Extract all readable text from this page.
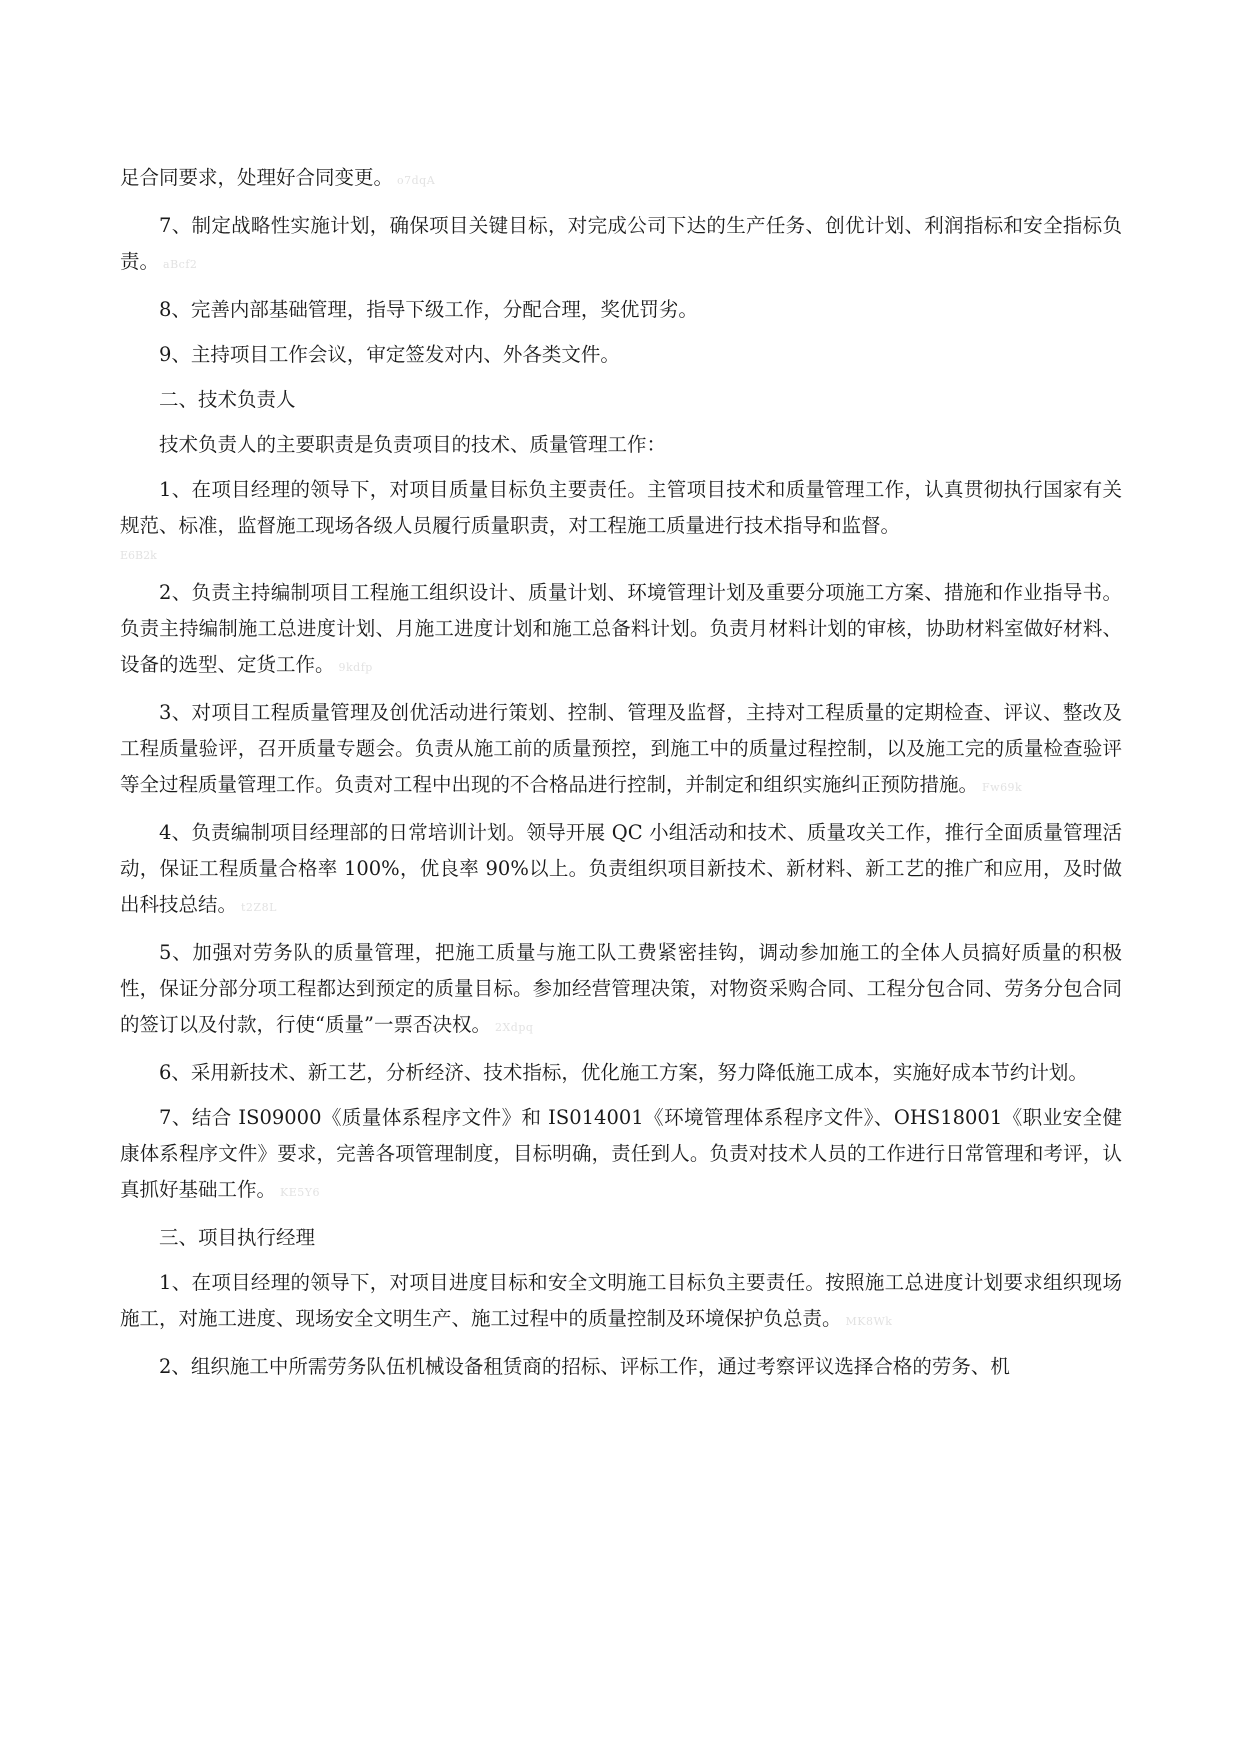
足合同要求，处理好合同变更。 o7dqA

7、制定战略性实施计划，确保项目关键目标，对完成公司下达的生产任务、创优计划、利润指标和安全指标负责。 aBcf2

8、完善内部基础管理，指导下级工作，分配合理，奖优罚劣。

9、主持项目工作会议，审定签发对内、外各类文件。

二、技术负责人

技术负责人的主要职责是负责项目的技术、质量管理工作：

1、在项目经理的领导下，对项目质量目标负主要责任。主管项目技术和质量管理工作，认真贯彻执行国家有关规范、标准，监督施工现场各级人员履行质量职责，对工程施工质量进行技术指导和监督。
E6B2k

2、负责主持编制项目工程施工组织设计、质量计划、环境管理计划及重要分项施工方案、措施和作业指导书。负责主持编制施工总进度计划、月施工进度计划和施工总备料计划。负责月材料计划的审核，协助材料室做好材料、设备的选型、定货工作。 9kdfp

3、对项目工程质量管理及创优活动进行策划、控制、管理及监督，主持对工程质量的定期检查、评议、整改及工程质量验评，召开质量专题会。负责从施工前的质量预控，到施工中的质量过程控制，以及施工完的质量检查验评等全过程质量管理工作。负责对工程中出现的不合格品进行控制，并制定和组织实施纠正预防措施。 Fw69k

4、负责编制项目经理部的日常培训计划。领导开展 QC 小组活动和技术、质量攻关工作，推行全面质量管理活动，保证工程质量合格率 100%，优良率 90%以上。负责组织项目新技术、新材料、新工艺的推广和应用，及时做出科技总结。 t2Z8L

5、加强对劳务队的质量管理，把施工质量与施工队工费紧密挂钩，调动参加施工的全体人员搞好质量的积极性，保证分部分项工程都达到预定的质量目标。参加经营管理决策，对物资采购合同、工程分包合同、劳务分包合同的签订以及付款，行使“质量”一票否决权。 2Xdpq

6、采用新技术、新工艺，分析经济、技术指标，优化施工方案，努力降低施工成本，实施好成本节约计划。

7、结合 IS09000《质量体系程序文件》和 IS014001《环境管理体系程序文件》、OHS18001《职业安全健康体系程序文件》要求，完善各项管理制度，目标明确，责任到人。负责对技术人员的工作进行日常管理和考评，认真抓好基础工作。 KE5Y6

三、项目执行经理

1、在项目经理的领导下，对项目进度目标和安全文明施工目标负主要责任。按照施工总进度计划要求组织现场施工，对施工进度、现场安全文明生产、施工过程中的质量控制及环境保护负总责。 MK8Wk

2、组织施工中所需劳务队伍机械设备租赁商的招标、评标工作，通过考察评议选择合格的劳务、机
